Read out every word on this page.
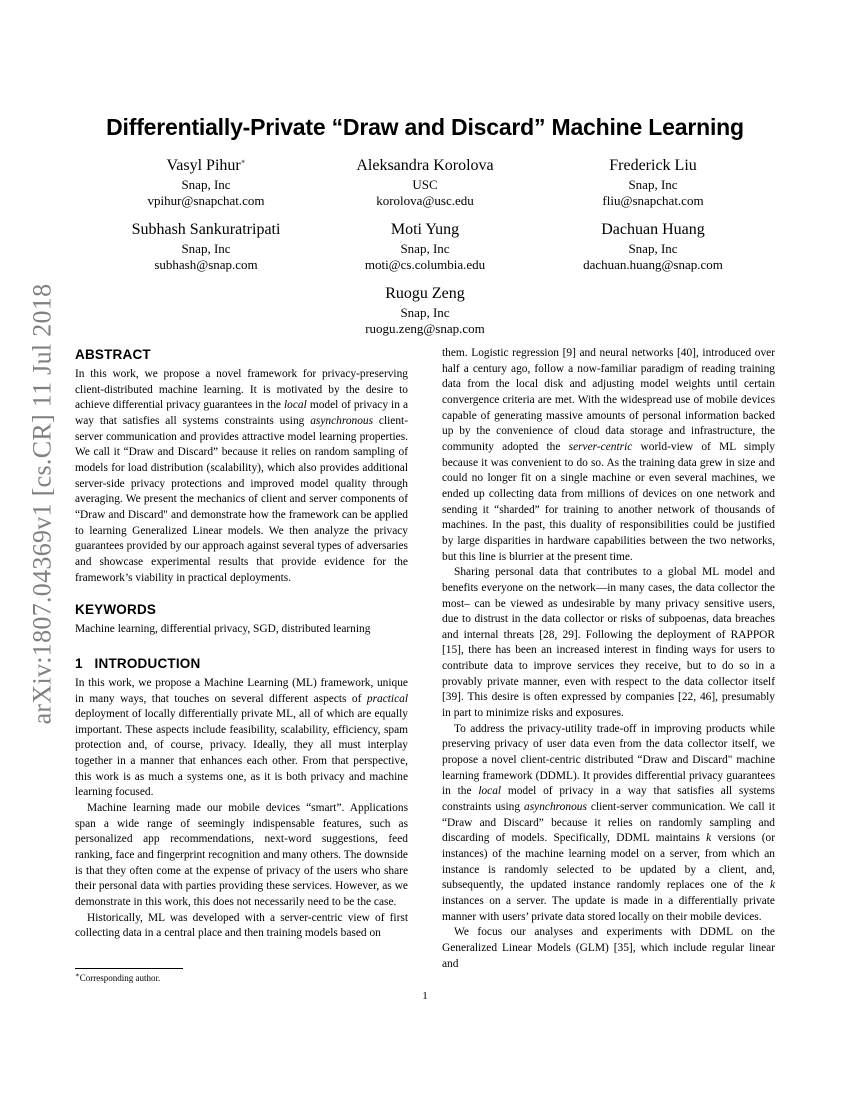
arXiv:1807.04369v1 [cs.CR] 11 Jul 2018
Differentially-Private “Draw and Discard” Machine Learning
Vasyl Pihur∗
Snap, Inc
vpihur@snapchat.com
Aleksandra Korolova
USC
korolova@usc.edu
Frederick Liu
Snap, Inc
fliu@snapchat.com
Subhash Sankuratripati
Snap, Inc
subhash@snap.com
Moti Yung
Snap, Inc
moti@cs.columbia.edu
Dachuan Huang
Snap, Inc
dachuan.huang@snap.com
Ruogu Zeng
Snap, Inc
ruogu.zeng@snap.com
ABSTRACT

In this work, we propose a novel framework for privacy-preserving client-distributed machine learning. It is motivated by the desire to achieve differential privacy guarantees in the local model of privacy in a way that satisfies all systems constraints using asynchronous client-server communication and provides attractive model learning properties. We call it “Draw and Discard” because it relies on random sampling of models for load distribution (scalability), which also provides additional server-side privacy protections and improved model quality through averaging. We present the mechanics of client and server components of “Draw and Discard" and demonstrate how the framework can be applied to learning Generalized Linear models. We then analyze the privacy guarantees provided by our approach against several types of adversaries and showcase experimental results that provide evidence for the framework’s viability in practical deployments.

KEYWORDS

Machine learning, differential privacy, SGD, distributed learning

1   INTRODUCTION

In this work, we propose a Machine Learning (ML) framework, unique in many ways, that touches on several different aspects of practical deployment of locally differentially private ML, all of which are equally important. These aspects include feasibility, scalability, efficiency, spam protection and, of course, privacy. Ideally, they all must interplay together in a manner that enhances each other. From that perspective, this work is as much a systems one, as it is both privacy and machine learning focused.

Machine learning made our mobile devices “smart”. Applications span a wide range of seemingly indispensable features, such as personalized app recommendations, next-word suggestions, feed ranking, face and fingerprint recognition and many others. The downside is that they often come at the expense of privacy of the users who share their personal data with parties providing these services. However, as we demonstrate in this work, this does not necessarily need to be the case.

Historically, ML was developed with a server-centric view of first collecting data in a central place and then training models based on

them. Logistic regression [9] and neural networks [40], introduced over half a century ago, follow a now-familiar paradigm of reading training data from the local disk and adjusting model weights until certain convergence criteria are met. With the widespread use of mobile devices capable of generating massive amounts of personal information backed up by the convenience of cloud data storage and infrastructure, the community adopted the server-centric world-view of ML simply because it was convenient to do so. As the training data grew in size and could no longer fit on a single machine or even several machines, we ended up collecting data from millions of devices on one network and sending it “sharded” for training to another network of thousands of machines. In the past, this duality of responsibilities could be justified by large disparities in hardware capabilities between the two networks, but this line is blurrier at the present time.

Sharing personal data that contributes to a global ML model and benefits everyone on the network—in many cases, the data collector the most– can be viewed as undesirable by many privacy sensitive users, due to distrust in the data collector or risks of subpoenas, data breaches and internal threats [28, 29]. Following the deployment of RAPPOR [15], there has been an increased interest in finding ways for users to contribute data to improve services they receive, but to do so in a provably private manner, even with respect to the data collector itself [39]. This desire is often expressed by companies [22, 46], presumably in part to minimize risks and exposures.

To address the privacy-utility trade-off in improving products while preserving privacy of user data even from the data collector itself, we propose a novel client-centric distributed “Draw and Discard" machine learning framework (DDML). It provides differential privacy guarantees in the local model of privacy in a way that satisfies all systems constraints using asynchronous client-server communication. We call it “Draw and Discard” because it relies on randomly sampling and discarding of models. Specifically, DDML maintains k versions (or instances) of the machine learning model on a server, from which an instance is randomly selected to be updated by a client, and, subsequently, the updated instance randomly replaces one of the k instances on a server. The update is made in a differentially private manner with users’ private data stored locally on their mobile devices.

We focus our analyses and experiments with DDML on the Generalized Linear Models (GLM) [35], which include regular linear and

∗Corresponding author.
1
